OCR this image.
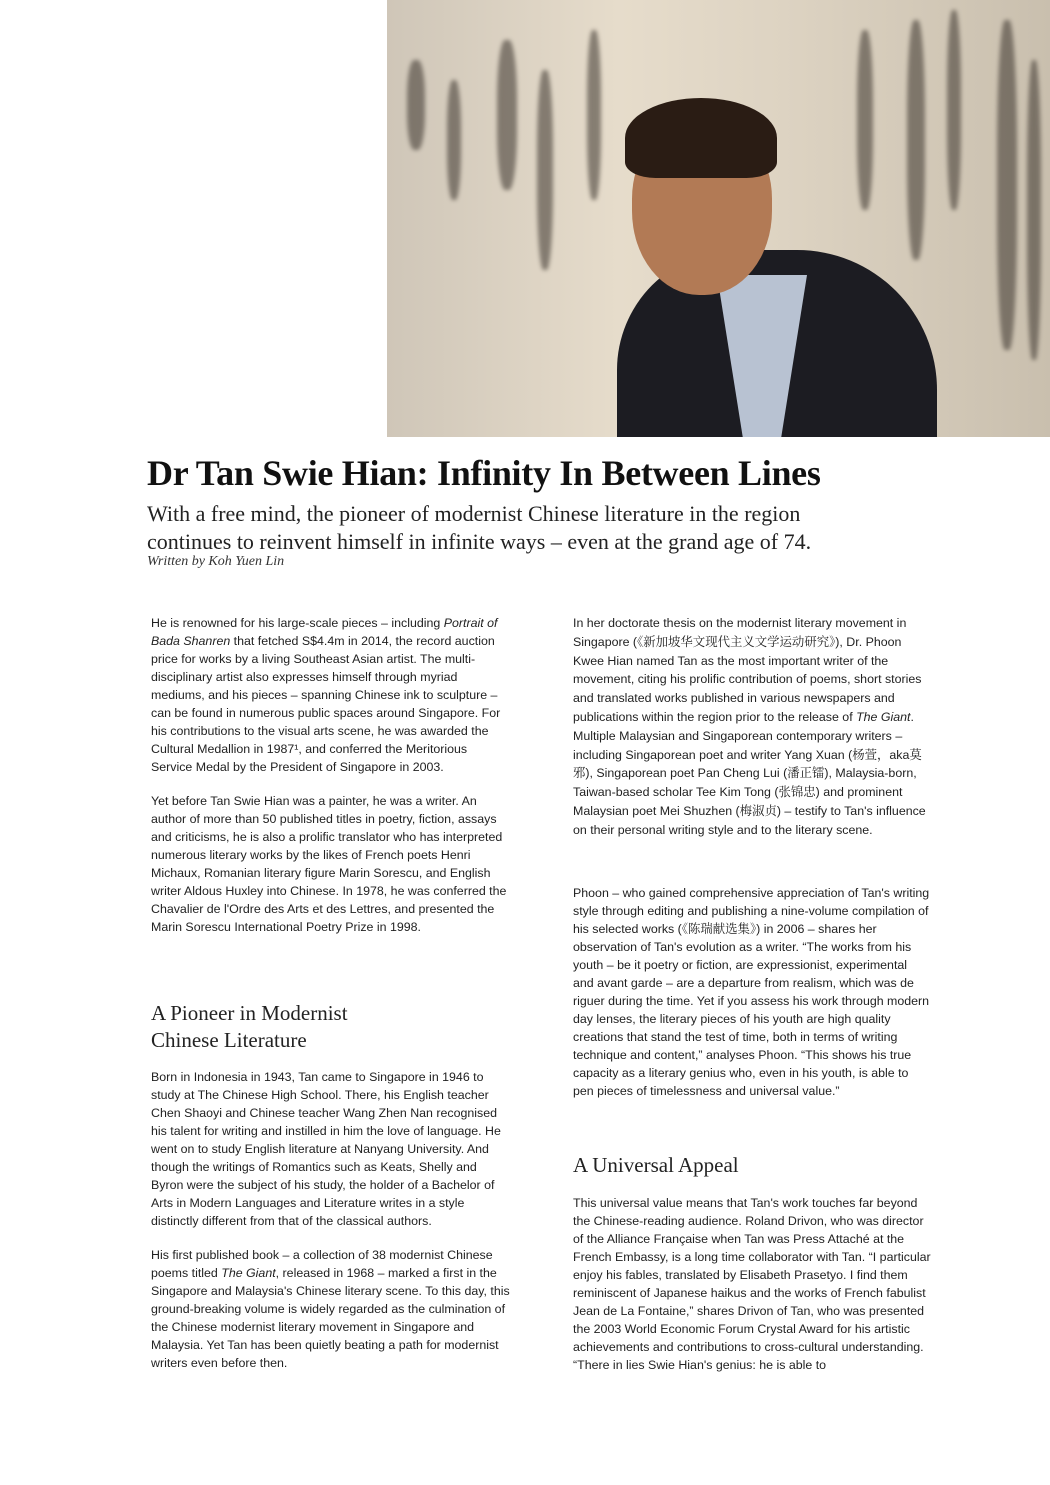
Dr Tan Swie Hian: Infinity In Between Lines

With a free mind, the pioneer of modernist Chinese literature in the region continues to reinvent himself in infinite ways – even at the grand age of 74.

Written by Koh Yuen Lin

He is renowned for his large-scale pieces – including Portrait of Bada Shanren that fetched S$4.4m in 2014, the record auction price for works by a living Southeast Asian artist. The multi-disciplinary artist also expresses himself through myriad mediums, and his pieces – spanning Chinese ink to sculpture – can be found in numerous public spaces around Singapore. For his contributions to the visual arts scene, he was awarded the Cultural Medallion in 1987¹, and conferred the Meritorious Service Medal by the President of Singapore in 2003.

Yet before Tan Swie Hian was a painter, he was a writer. An author of more than 50 published titles in poetry, fiction, assays and criticisms, he is also a prolific translator who has interpreted numerous literary works by the likes of French poets Henri Michaux, Romanian literary figure Marin Sorescu, and English writer Aldous Huxley into Chinese. In 1978, he was conferred the Chavalier de l'Ordre des Arts et des Lettres, and presented the Marin Sorescu International Poetry Prize in 1998.

A Pioneer in Modernist Chinese Literature

Born in Indonesia in 1943, Tan came to Singapore in 1946 to study at The Chinese High School. There, his English teacher Chen Shaoyi and Chinese teacher Wang Zhen Nan recognised his talent for writing and instilled in him the love of language. He went on to study English literature at Nanyang University. And though the writings of Romantics such as Keats, Shelly and Byron were the subject of his study, the holder of a Bachelor of Arts in Modern Languages and Literature writes in a style distinctly different from that of the classical authors.

His first published book – a collection of 38 modernist Chinese poems titled The Giant, released in 1968 – marked a first in the Singapore and Malaysia's Chinese literary scene. To this day, this ground-breaking volume is widely regarded as the culmination of the Chinese modernist literary movement in Singapore and Malaysia. Yet Tan has been quietly beating a path for modernist writers even before then.

In her doctorate thesis on the modernist literary movement in Singapore (《新加坡华文现代主义文学运动研究》), Dr. Phoon Kwee Hian named Tan as the most important writer of the movement, citing his prolific contribution of poems, short stories and translated works published in various newspapers and publications within the region prior to the release of The Giant. Multiple Malaysian and Singaporean contemporary writers – including Singaporean poet and writer Yang Xuan (杨萱，aka莫邪), Singaporean poet Pan Cheng Lui (潘正镭), Malaysia-born, Taiwan-based scholar Tee Kim Tong (张锦忠) and prominent Malaysian poet Mei Shuzhen (梅淑贞) – testify to Tan's influence on their personal writing style and to the literary scene.

Phoon – who gained comprehensive appreciation of Tan's writing style through editing and publishing a nine-volume compilation of his selected works (《陈瑞献选集》) in 2006 – shares her observation of Tan's evolution as a writer. “The works from his youth – be it poetry or fiction, are expressionist, experimental and avant garde – are a departure from realism, which was de riguer during the time. Yet if you assess his work through modern day lenses, the literary pieces of his youth are high quality creations that stand the test of time, both in terms of writing technique and content,” analyses Phoon. “This shows his true capacity as a literary genius who, even in his youth, is able to pen pieces of timelessness and universal value.”

A Universal Appeal

This universal value means that Tan's work touches far beyond the Chinese-reading audience. Roland Drivon, who was director of the Alliance Française when Tan was Press Attaché at the French Embassy, is a long time collaborator with Tan. “I particular enjoy his fables, translated by Elisabeth Prasetyo. I find them reminiscent of Japanese haikus and the works of French fabulist Jean de La Fontaine,” shares Drivon of Tan, who was presented the 2003 World Economic Forum Crystal Award for his artistic achievements and contributions to cross-cultural understanding. “There in lies Swie Hian's genius: he is able to
